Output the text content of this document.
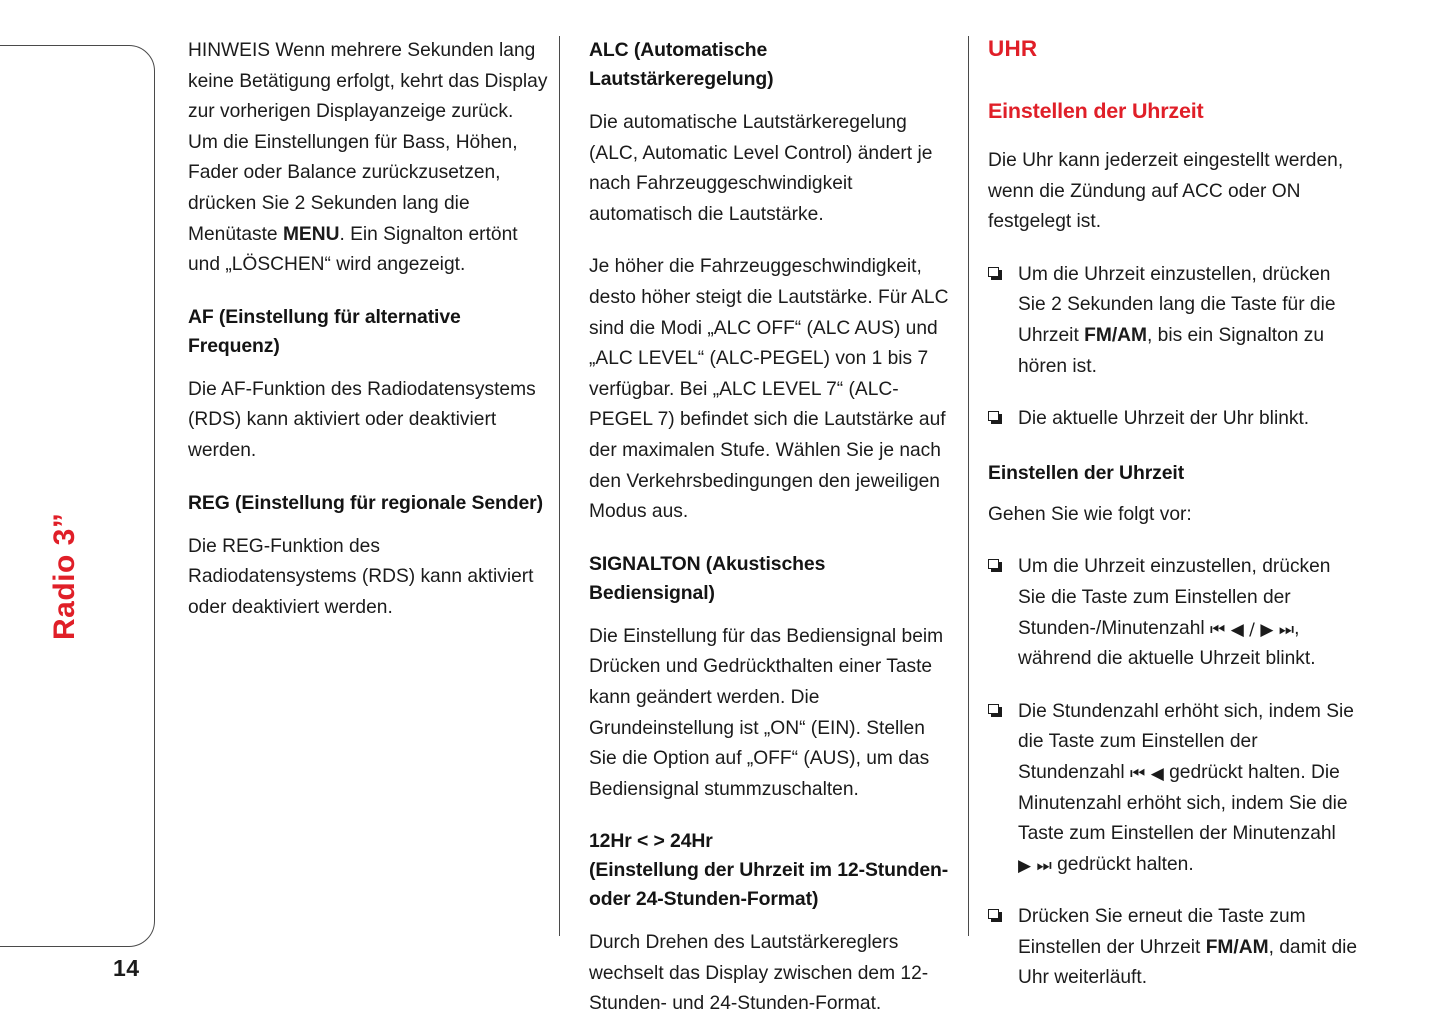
Radio 3”
14

HINWEIS Wenn mehrere Sekunden lang keine Betätigung erfolgt, kehrt das Display zur vorherigen Displayanzeige zurück. Um die Einstellungen für Bass, Höhen, Fader oder Balance zurückzusetzen, drücken Sie 2 Sekunden lang die Menütaste MENU. Ein Signalton ertönt und „LÖSCHEN“ wird angezeigt.

AF (Einstellung für alternative Frequenz)

Die AF-Funktion des Radiodatensystems (RDS) kann aktiviert oder deaktiviert werden.

REG (Einstellung für regionale Sender)

Die REG-Funktion des Radiodatensystems (RDS) kann aktiviert oder deaktiviert werden.

ALC (Automatische Lautstärkeregelung)

Die automatische Lautstärkeregelung (ALC, Automatic Level Control) ändert je nach Fahrzeuggeschwindigkeit automatisch die Lautstärke.

Je höher die Fahrzeuggeschwindigkeit, desto höher steigt die Lautstärke. Für ALC sind die Modi „ALC OFF“ (ALC AUS) und „ALC LEVEL“ (ALC-PEGEL) von 1 bis 7 verfügbar. Bei „ALC LEVEL 7“ (ALC-PEGEL 7) befindet sich die Lautstärke auf der maximalen Stufe. Wählen Sie je nach den Verkehrsbedingungen den jeweiligen Modus aus.

SIGNALTON (Akustisches Bediensignal)

Die Einstellung für das Bediensignal beim Drücken und Gedrückthalten einer Taste kann geändert werden. Die Grundeinstellung ist „ON“ (EIN). Stellen Sie die Option auf „OFF“ (AUS), um das Bediensignal stummzuschalten.

12Hr < > 24Hr
(Einstellung der Uhrzeit im 12-Stunden- oder 24-Stunden-Format)

Durch Drehen des Lautstärkereglers wechselt das Display zwischen dem 12-Stunden- und 24-Stunden-Format.

UHR
Einstellen der Uhrzeit

Die Uhr kann jederzeit eingestellt werden, wenn die Zündung auf ACC oder ON festgelegt ist.

Um die Uhrzeit einzustellen, drücken Sie 2 Sekunden lang die Taste für die Uhrzeit FM/AM, bis ein Signalton zu hören ist.
Die aktuelle Uhrzeit der Uhr blinkt.
Einstellen der Uhrzeit

Gehen Sie wie folgt vor:

Um die Uhrzeit einzustellen, drücken Sie die Taste zum Einstellen der Stunden-/Minutenzahl ⏮ ◀ / ▶ ⏭, während die aktuelle Uhrzeit blinkt.
Die Stundenzahl erhöht sich, indem Sie die Taste zum Einstellen der Stundenzahl ⏮ ◀ gedrückt halten. Die Minutenzahl erhöht sich, indem Sie die Taste zum Einstellen der Minutenzahl ▶ ⏭ gedrückt halten.
Drücken Sie erneut die Taste zum Einstellen der Uhrzeit FM/AM, damit die Uhr weiterläuft.
